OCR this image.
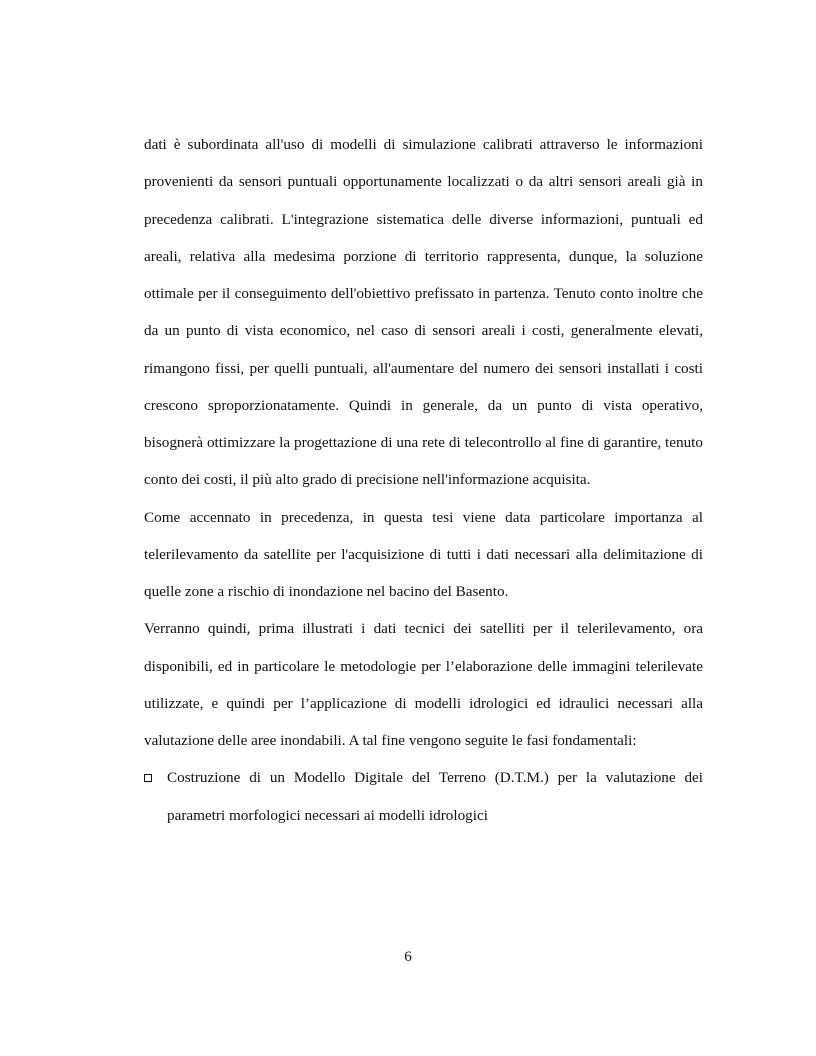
dati è subordinata all'uso di modelli di simulazione calibrati attraverso le informazioni provenienti da sensori puntuali opportunamente localizzati o da altri sensori areali già in precedenza calibrati. L'integrazione sistematica delle diverse informazioni, puntuali ed areali, relativa alla medesima porzione di territorio rappresenta, dunque, la soluzione ottimale per il conseguimento dell'obiettivo prefissato in partenza. Tenuto conto inoltre che da un punto di vista economico, nel caso di sensori areali i costi, generalmente elevati, rimangono fissi, per quelli puntuali, all'aumentare del numero dei sensori installati i costi crescono sproporzionatamente. Quindi in generale, da un punto di vista operativo, bisognerà ottimizzare la progettazione di una rete di telecontrollo al fine di garantire, tenuto conto dei costi, il più alto grado di precisione nell'informazione acquisita.

Come accennato in precedenza, in questa tesi viene data particolare importanza al telerilevamento da satellite per l'acquisizione di tutti i dati necessari alla delimitazione di quelle zone a rischio di inondazione nel bacino del Basento.

Verranno quindi, prima illustrati i dati tecnici dei satelliti per il telerilevamento, ora disponibili, ed in particolare le metodologie per l’elaborazione delle immagini telerilevate utilizzate, e quindi per l’applicazione di modelli idrologici ed idraulici necessari alla valutazione delle aree inondabili. A tal fine vengono seguite le fasi fondamentali:

Costruzione di un Modello Digitale del Terreno (D.T.M.) per la valutazione dei parametri morfologici necessari ai modelli idrologici
6
